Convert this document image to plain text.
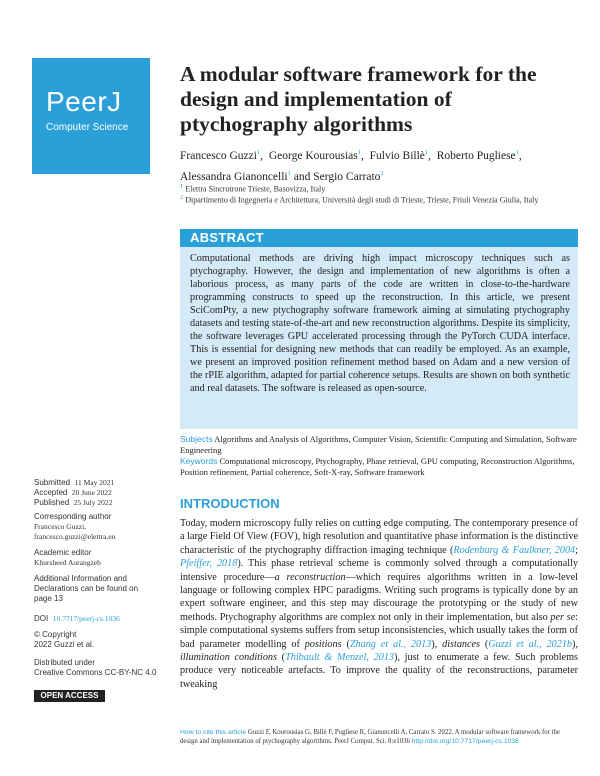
PeerJ
Computer Science
A modular software framework for the design and implementation of ptychography algorithms
Francesco Guzzi$^1$,  George Kourousias$^1$,  Fulvio Billè$^1$,  Roberto Pugliese$^1$,
Alessandra Gianoncelli$^1$ and Sergio Carrato$^2$
$^1$ Elettra Sincrotrone Trieste, Basovizza, Italy
$^2$ Dipartimento di Ingegneria e Architettura, Università degli studi di Trieste, Trieste, Friuli Venezia Giulia, Italy
ABSTRACT
Computational methods are driving high impact microscopy techniques such as ptychography. However, the design and implementation of new algorithms is often a laborious process, as many parts of the code are written in close-to-the-hardware programming constructs to speed up the reconstruction. In this article, we present SciComPty, a new ptychography software framework aiming at simulating ptychography datasets and testing state-of-the-art and new reconstruction algorithms. Despite its simplicity, the software leverages GPU accelerated processing through the PyTorch CUDA interface. This is essential for designing new methods that can readily be employed. As an example, we present an improved position refinement method based on Adam and a new version of the rPIE algorithm, adapted for partial coherence setups. Results are shown on both synthetic and real datasets. The software is released as open-source.
Subjects Algorithms and Analysis of Algorithms, Computer Vision, Scientific Computing and Simulation, Software Engineering
Keywords Computational microscopy, Ptychography, Phase retrieval, GPU computing, Reconstruction Algorithms, Position refinement, Partial coherence, Soft-X-ray, Software framework
Submitted 11 May 2021
Accepted 20 June 2022
Published 25 July 2022
Corresponding author
Francesco Guzzi,
francesco.guzzi@elettra.eu
Academic editor
Khursheed Aurangzeb
Additional Information and Declarations can be found on page 13
DOI 10.7717/peerj-cs.1036
© Copyright
2022 Guzzi et al.
Distributed under
Creative Commons CC-BY-NC 4.0
OPEN ACCESS
INTRODUCTION
Today, modern microscopy fully relies on cutting edge computing. The contemporary presence of a large Field Of View (FOV), high resolution and quantitative phase information is the distinctive characteristic of the ptychography diffraction imaging technique (Rodenburg & Faulkner, 2004; Pfeiffer, 2018). This phase retrieval scheme is commonly solved through a computationally intensive procedure—a reconstruction—which requires algorithms written in a low-level language or following complex HPC paradigms. Writing such programs is typically done by an expert software engineer, and this step may discourage the prototyping or the study of new methods. Ptychography algorithms are complex not only in their implementation, but also per se: simple computational systems suffers from setup inconsistencies, which usually takes the form of bad parameter modelling of positions (Zhang et al., 2013), distances (Guzzi et al., 2021b), illumination conditions (Thibault & Menzel, 2013), just to enumerate a few. Such problems produce very noticeable artefacts. To improve the quality of the reconstructions, parameter tweaking
How to cite this article Guzzi F, Kourousias G, Billè F, Pugliese R, Gianoncelli A, Carrato S. 2022. A modular software framework for the design and implementation of ptychography algorithms. PeerJ Comput. Sci. 8:e1036 http://doi.org/10.7717/peerj-cs.1036
